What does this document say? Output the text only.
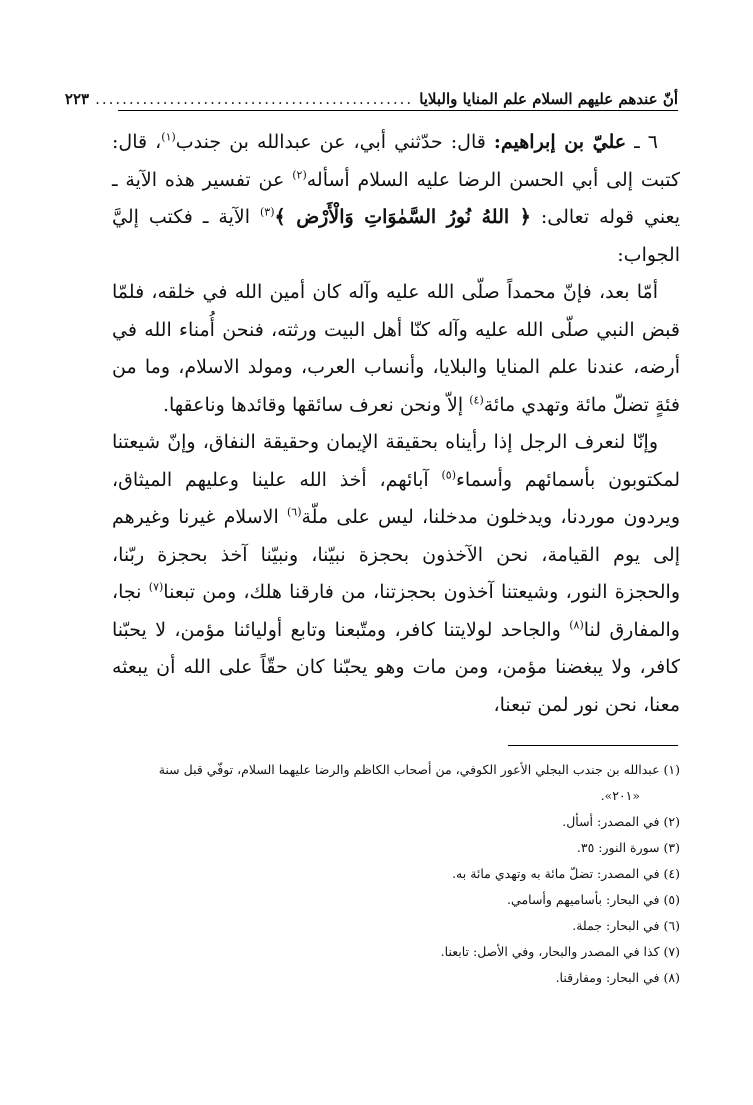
أنّ عندهم عليهم السلام علم المنايا والبلايا
...............................................
٢٢٣

٦ ـ عليّ بن إبراهيم: قال: حدّثني أبي، عن عبدالله بن جندب$^{(١)}$، قال: كتبت إلى أبي الحسن الرضا عليه السلام أسأله$^{(٢)}$ عن تفسير هذه الآية ـ يعني قوله تعالى: ﴿ اللهُ نُورُ السَّمٰوَاتِ وَالْأَرْض ﴾$^{(٣)}$ الآية ـ فكتب إليَّ الجواب:

أمّا بعد، فإنّ محمداً صلّى الله عليه وآله كان أمين الله في خلقه، فلمّا قبض النبي صلّى الله عليه وآله كنّا أهل البيت ورثته، فنحن أُمناء الله في أرضه، عندنا علم المنايا والبلايا، وأنساب العرب، ومولد الاسلام، وما من فئةٍ تضلّ مائة وتهدي مائة$^{(٤)}$ إلاّ ونحن نعرف سائقها وقائدها وناعقها.

وإنّا لنعرف الرجل إذا رأيناه بحقيقة الإيمان وحقيقة النفاق، وإنّ شيعتنا لمكتوبون بأسمائهم وأسماء$^{(٥)}$ آبائهم، أخذ الله علينا وعليهم الميثاق، ويردون موردنا، ويدخلون مدخلنا، ليس على ملّة$^{(٦)}$ الاسلام غيرنا وغيرهم إلى يوم القيامة، نحن الآخذون بحجزة نبيّنا، ونبيّنا آخذ بحجزة ربّنا، والحجزة النور، وشيعتنا آخذون بحجزتنا، من فارقنا هلك، ومن تبعنا$^{(٧)}$ نجا، والمفارق لنا$^{(٨)}$ والجاحد لولايتنا كافر، ومتّبعنا وتابع أوليائنا مؤمن، لا يحبّنا كافر، ولا يبغضنا مؤمن، ومن مات وهو يحبّنا كان حقّاً على الله أن يبعثه معنا، نحن نور لمن تبعنا،

(١) عبدالله بن جندب البجلي الأعور الكوفي، من أصحاب الكاظم والرضا عليهما السلام، توفّي قبل سنة
«٢٠١».
(٢) في المصدر: أسأل.
(٣) سورة النور: ٣٥.
(٤) في المصدر: تضلّ مائة به وتهدي مائة به.
(٥) في البحار: بأساميهم وأسامي.
(٦) في البحار: جملة.
(٧) كذا في المصدر والبحار، وفي الأصل: تابعنا.
(٨) في البحار: ومفارقنا.
